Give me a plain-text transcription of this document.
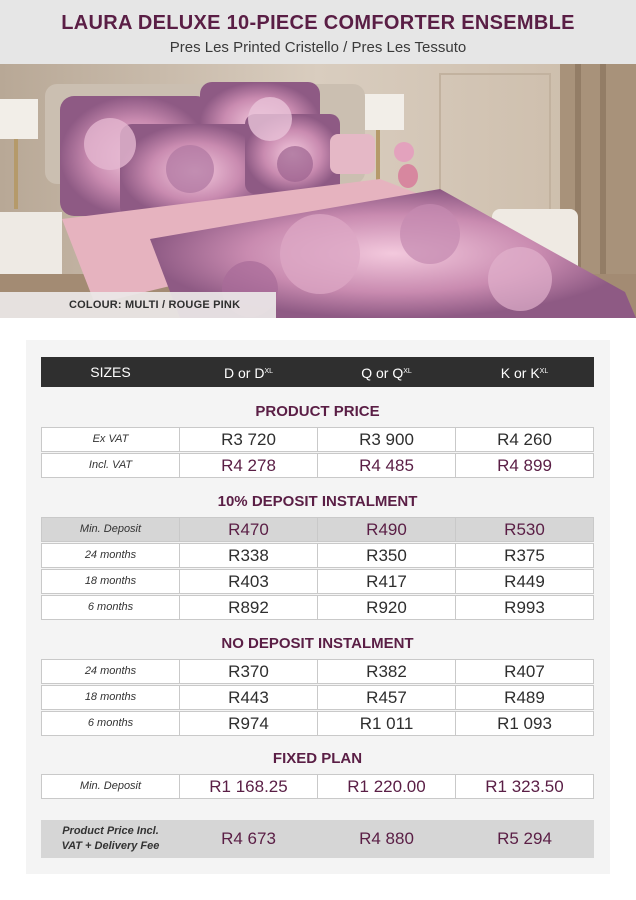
LAURA DELUXE 10-PIECE COMFORTER ENSEMBLE
Pres Les Printed Cristello / Pres Les Tessuto
COLOUR: MULTI / ROUGE PINK
SIZES	D or $D^{XL}$	Q or $Q^{XL}$	K or $K^{XL}$
PRODUCT PRICE
Ex VAT	R3 720	R3 900	R4 260
Incl. VAT	R4 278	R4 485	R4 899
10% DEPOSIT INSTALMENT
Min. Deposit	R470	R490	R530
24 months	R338	R350	R375
18 months	R403	R417	R449
6 months	R892	R920	R993
NO DEPOSIT INSTALMENT
24 months	R370	R382	R407
18 months	R443	R457	R489
6 months	R974	R1 011	R1 093
FIXED PLAN
Min. Deposit	R1 168.25	R1 220.00	R1 323.50
Product Price Incl.
VAT + Delivery Fee	R4 673	R4 880	R5 294
